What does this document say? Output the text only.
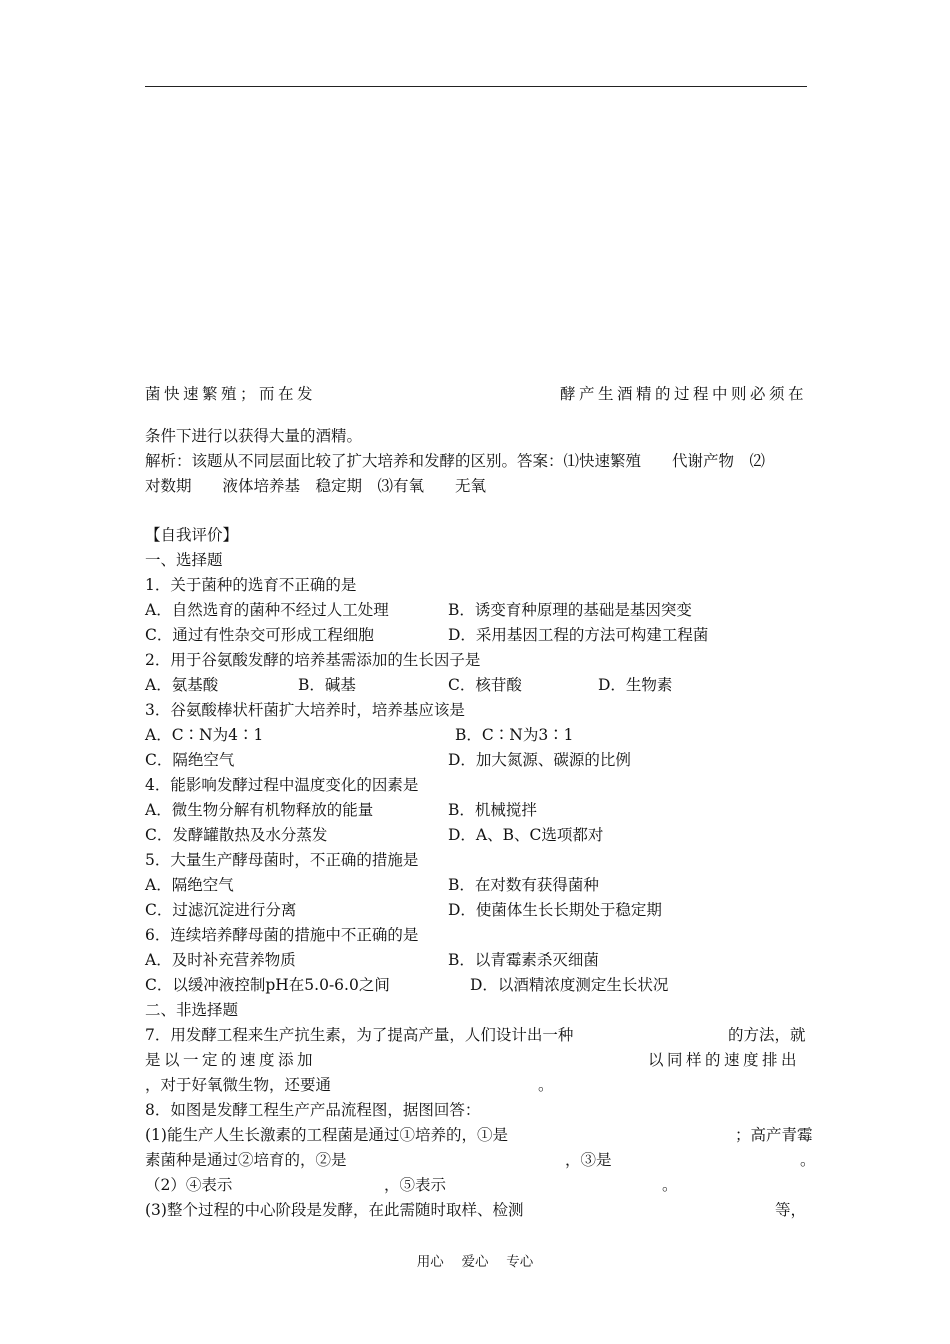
菌快速繁殖；而在发	酵产生酒精的过程中则必须在
条件下进行以获得大量的酒精。
解析：该题从不同层面比较了扩大培养和发酵的区别。答案：⑴快速繁殖　　代谢产物　⑵
对数期　　液体培养基　稳定期　⑶有氧　　无氧
【自我评价】
一、选择题
1．关于菌种的选育不正确的是
A．自然选育的菌种不经过人工处理	B．诱变育种原理的基础是基因突变
C．通过有性杂交可形成工程细胞	D．采用基因工程的方法可构建工程菌
2．用于谷氨酸发酵的培养基需添加的生长因子是
A．氨基酸	B．碱基	C．核苷酸	D．生物素
3．谷氨酸棒状杆菌扩大培养时，培养基应该是
A．C∶N为4∶1	B．C∶N为3∶1
C．隔绝空气	D．加大氮源、碳源的比例
4．能影响发酵过程中温度变化的因素是
A．微生物分解有机物释放的能量	B．机械搅拌
C．发酵罐散热及水分蒸发	D．A、B、C选项都对
5．大量生产酵母菌时，不正确的措施是
A．隔绝空气	B．在对数有获得菌种
C．过滤沉淀进行分离	D．使菌体生长长期处于稳定期
6．连续培养酵母菌的措施中不正确的是
A．及时补充营养物质	B．以青霉素杀灭细菌
C．以缓冲液控制pH在5.0-6.0之间	D．以酒精浓度测定生长状况
二、非选择题
7．用发酵工程来生产抗生素，为了提高产量，人们设计出一种	的方法，就
是以一定的速度添加	以同样的速度排出
，对于好氧微生物，还要通	。
8．如图是发酵工程生产产品流程图，据图回答：
(1)能生产人生长激素的工程菌是通过①培养的，①是	；高产青霉
素菌种是通过②培育的，②是	，③是	。
（2）④表示	，⑤表示	。
(3)整个过程的中心阶段是发酵，在此需随时取样、检测	等，
用心　 爱心　 专心
